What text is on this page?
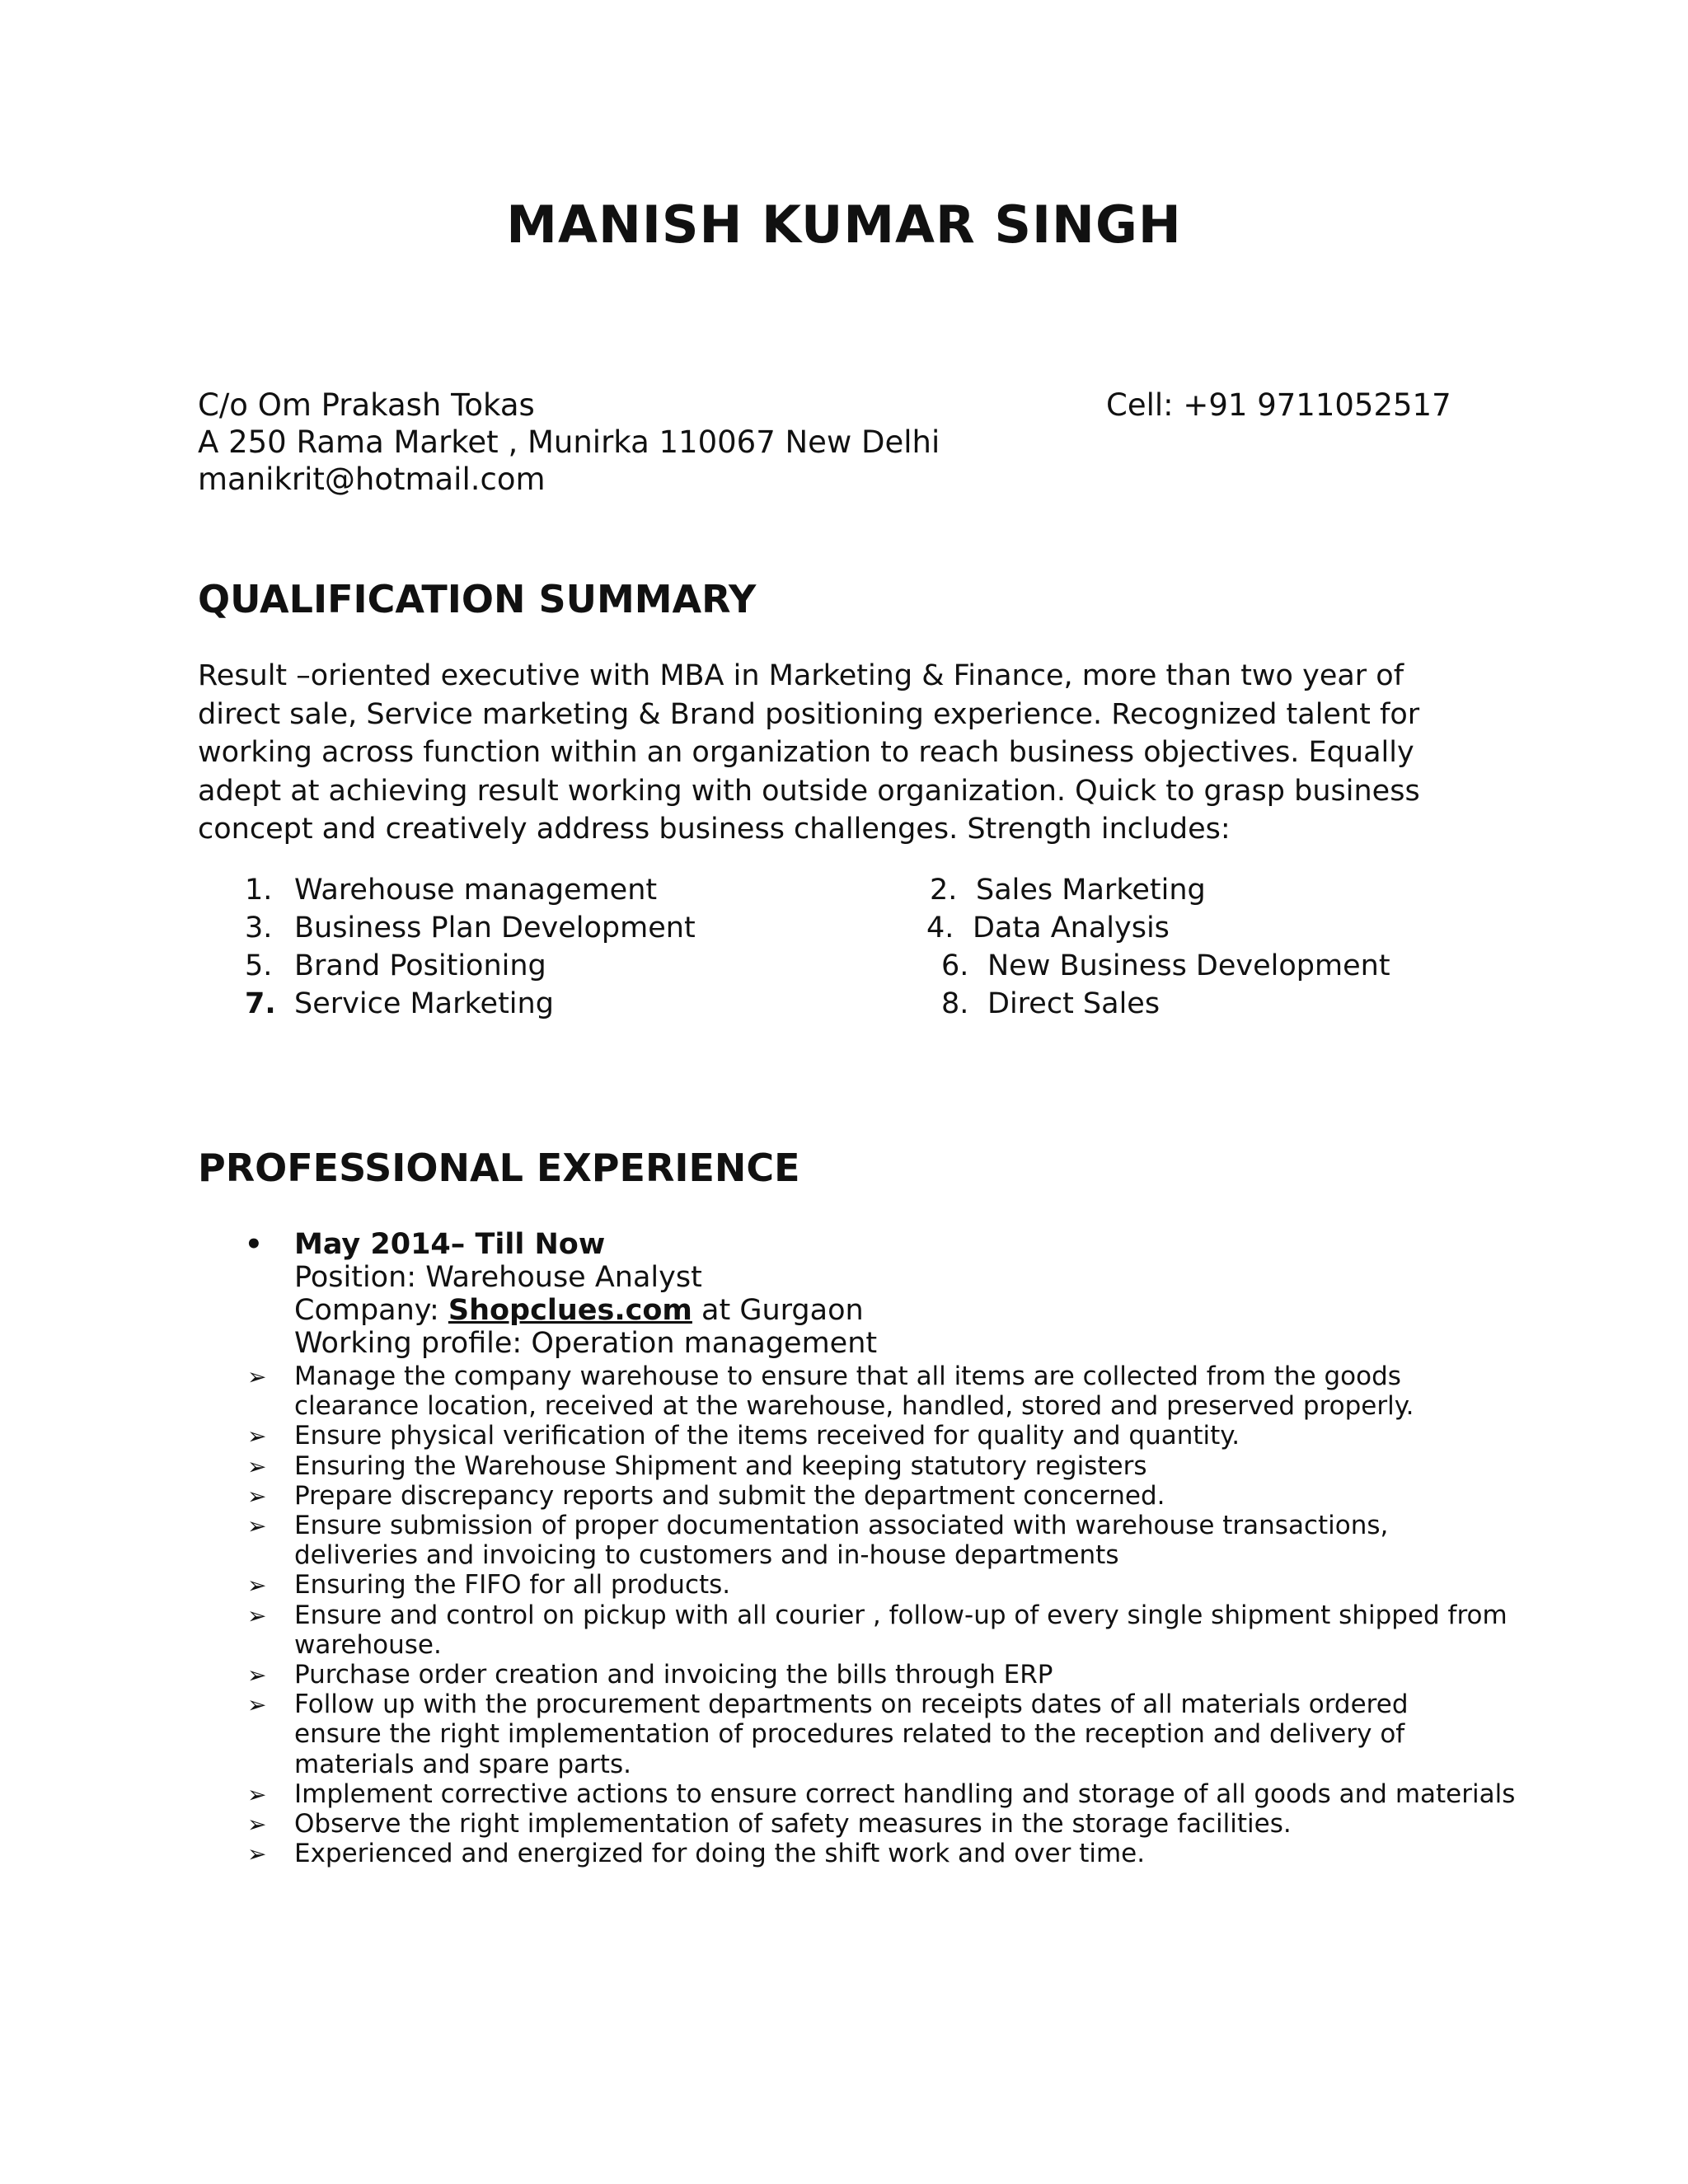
MANISH KUMAR SINGH
C/o Om Prakash Tokas
A 250 Rama Market , Munirka 110067 New Delhi
manikrit@hotmail.com
Cell: +91 9711052517
QUALIFICATION SUMMARY
Result –oriented executive with MBA in Marketing & Finance, more than two year of direct sale, Service marketing & Brand positioning experience. Recognized talent for working across function within an organization to reach business objectives. Equally adept at achieving result working with outside organization. Quick to grasp business concept and creatively address business challenges. Strength includes:
1. Warehouse management	2. Sales Marketing
3. Business Plan Development	4. Data Analysis
5. Brand Positioning	6. New Business Development
7. Service Marketing	8. Direct Sales
PROFESSIONAL EXPERIENCE
• May 2014– Till Now
Position: Warehouse Analyst
Company: Shopclues.com at Gurgaon
Working profile: Operation management
➢ Manage the company warehouse to ensure that all items are collected from the goods
clearance location, received at the warehouse, handled, stored and preserved properly.
➢ Ensure physical verification of the items received for quality and quantity.
➢ Ensuring the Warehouse Shipment and keeping statutory registers
➢ Prepare discrepancy reports and submit the department concerned.
➢ Ensure submission of proper documentation associated with warehouse transactions,
deliveries and invoicing to customers and in-house departments
➢ Ensuring the FIFO for all products.
➢ Ensure and control on pickup with all courier , follow-up of every single shipment shipped from
warehouse.
➢ Purchase order creation and invoicing the bills through ERP
➢ Follow up with the procurement departments on receipts dates of all materials ordered
ensure the right implementation of procedures related to the reception and delivery of
materials and spare parts.
➢ Implement corrective actions to ensure correct handling and storage of all goods and materials
➢ Observe the right implementation of safety measures in the storage facilities.
➢ Experienced and energized for doing the shift work and over time.
